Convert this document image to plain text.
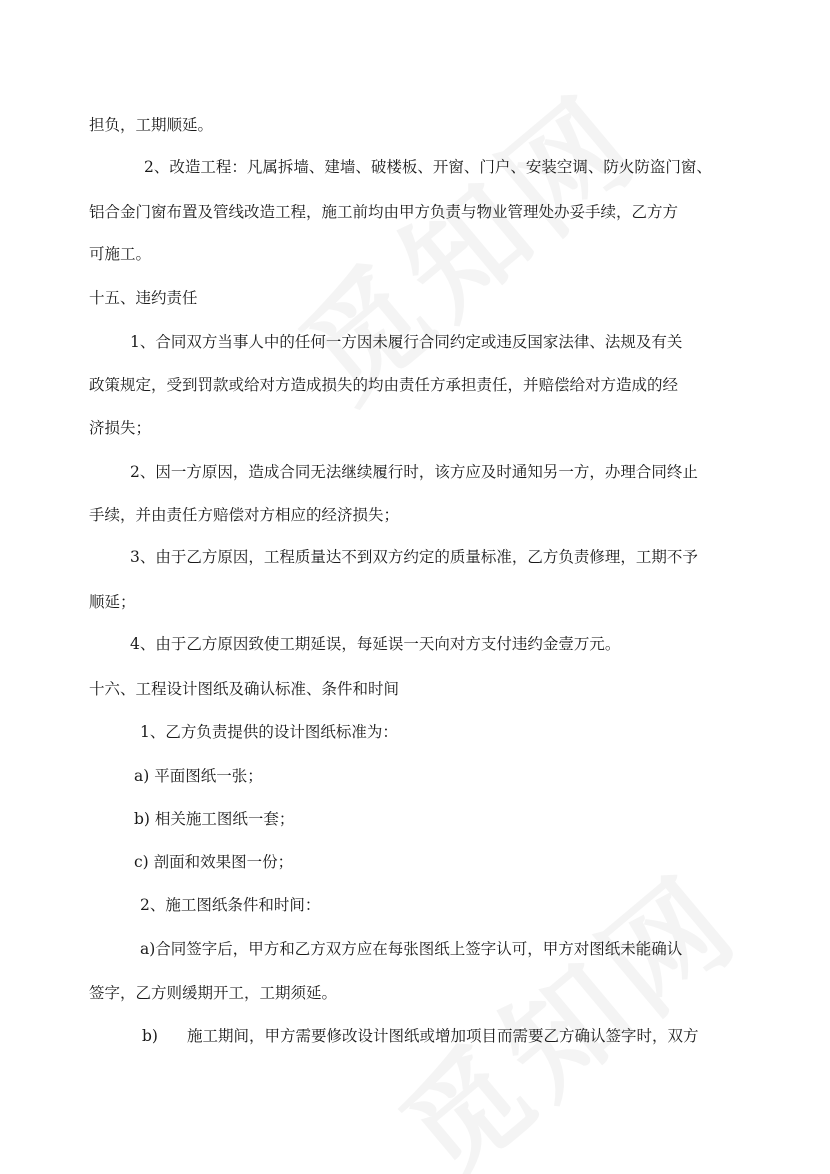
担负，工期顺延。
2、改造工程：凡属拆墙、建墙、破楼板、开窗、门户、安装空调、防火防盗门窗、
铝合金门窗布置及管线改造工程，施工前均由甲方负责与物业管理处办妥手续，乙方方
可施工。
十五、违约责任
1、合同双方当事人中的任何一方因未履行合同约定或违反国家法律、法规及有关
政策规定，受到罚款或给对方造成损失的均由责任方承担责任，并赔偿给对方造成的经
济损失；
2、因一方原因，造成合同无法继续履行时，该方应及时通知另一方，办理合同终止
手续，并由责任方赔偿对方相应的经济损失；
3、由于乙方原因，工程质量达不到双方约定的质量标准，乙方负责修理，工期不予
顺延；
4、由于乙方原因致使工期延误，每延误一天向对方支付违约金壹万元。
十六、工程设计图纸及确认标准、条件和时间
1、乙方负责提供的设计图纸标准为：
a) 平面图纸一张；
b) 相关施工图纸一套；
c) 剖面和效果图一份；
2、施工图纸条件和时间：
a)合同签字后，甲方和乙方双方应在每张图纸上签字认可，甲方对图纸未能确认
签字，乙方则缓期开工，工期须延。
b) 施工期间，甲方需要修改设计图纸或增加项目而需要乙方确认签字时，双方
